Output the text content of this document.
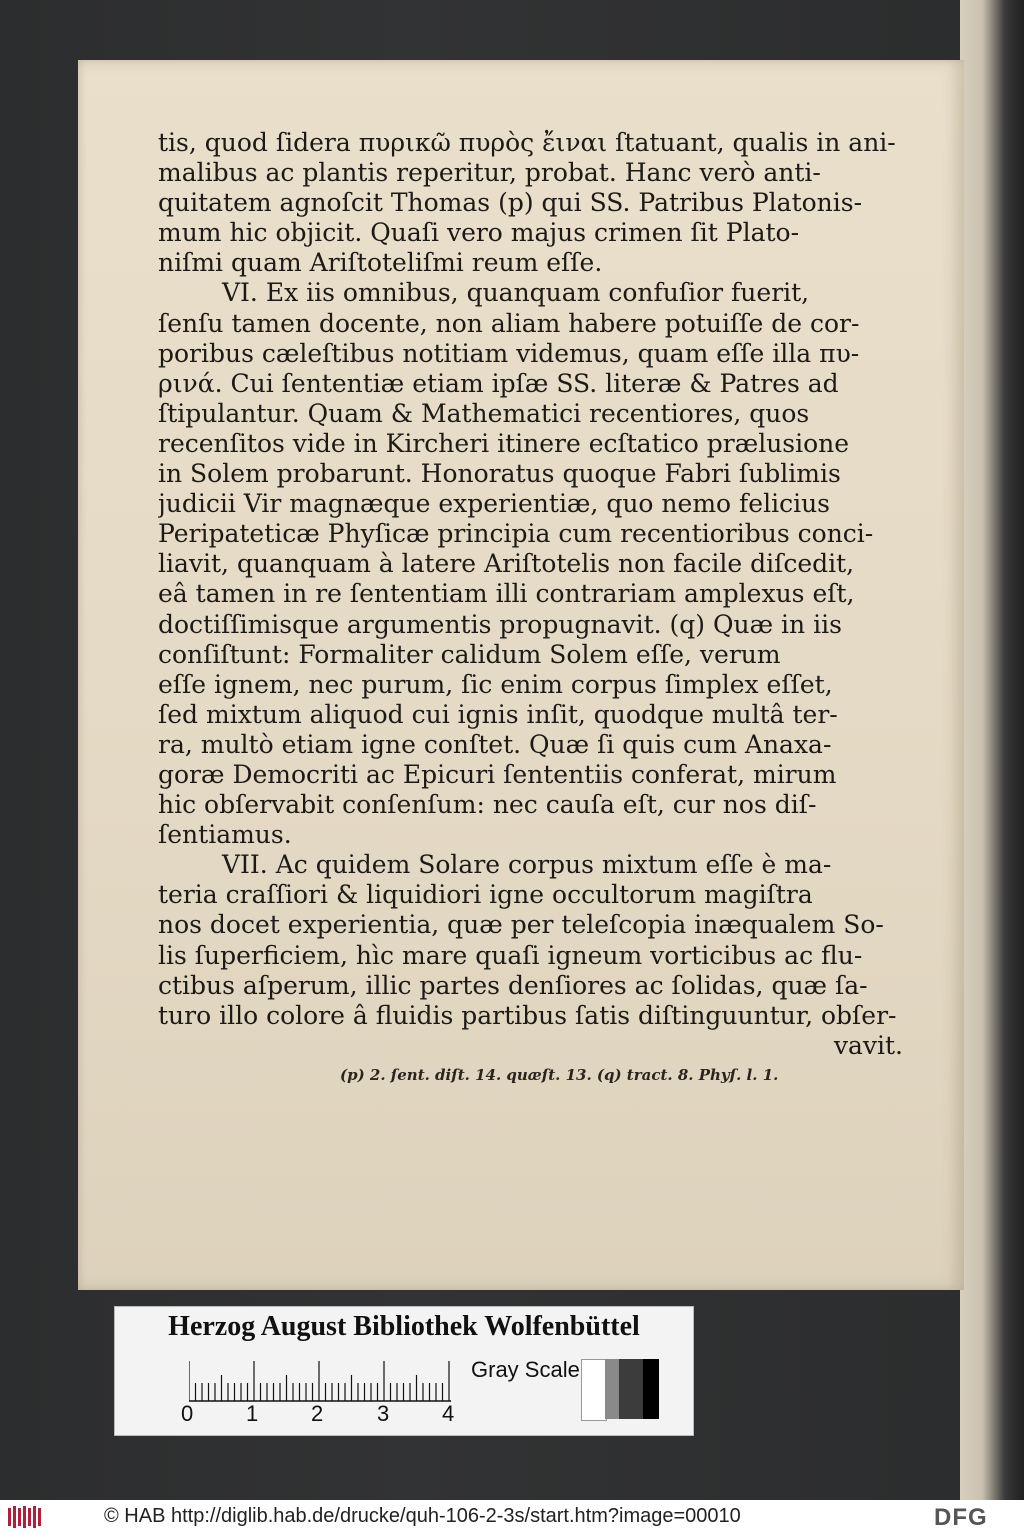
tis, quod ſidera πυρικῶ πυρὸς ἔιναι ſtatuant, qualis in ani-
malibus ac plantis reperitur, probat. Hanc verò anti-
quitatem agnoſcit Thomas (p) qui SS. Patribus Platonis-
mum hic objicit. Quaſi vero majus crimen ſit Plato-
niſmi quam Ariſtoteliſmi reum eſſe.
VI. Ex iis omnibus, quanquam confuſior fuerit,
ſenſu tamen docente, non aliam habere potuiſſe de cor-
poribus cæleſtibus notitiam videmus, quam eſſe illa πυ-
ρινά. Cui ſententiæ etiam ipſæ SS. literæ & Patres ad
ſtipulantur. Quam & Mathematici recentiores, quos
recenſitos vide in Kircheri itinere ecſtatico prælusione
in Solem probarunt. Honoratus quoque Fabri ſublimis
judicii Vir magnæque experientiæ, quo nemo felicius
Peripateticæ Phyſicæ principia cum recentioribus conci-
liavit, quanquam à latere Ariſtotelis non facile diſcedit,
eâ tamen in re ſententiam illi contrariam amplexus eſt,
doctiſſimisque argumentis propugnavit. (q) Quæ in iis
conſiſtunt: Formaliter calidum Solem eſſe, verum
eſſe ignem, nec purum, ſic enim corpus ſimplex eſſet,
ſed mixtum aliquod cui ignis inſit, quodque multâ ter-
ra, multò etiam igne conſtet. Quæ ſi quis cum Anaxa-
goræ Democriti ac Epicuri ſententiis conferat, mirum
hic obſervabit conſenſum: nec cauſa eſt, cur nos diſ-
ſentiamus.
VII. Ac quidem Solare corpus mixtum eſſe è ma-
teria craſſiori & liquidiori igne occultorum magiſtra
nos docet experientia, quæ per teleſcopia inæqualem So-
lis ſuperficiem, hìc mare quaſi igneum vorticibus ac flu-
ctibus aſperum, illic partes denſiores ac ſolidas, quæ ſa-
turo illo colore â fluidis partibus ſatis diſtinguuntur, obſer-
vavit.
(p) 2. ſent. diſt. 14. quæſt. 13. (q) tract. 8. Phyſ. l. 1.
Herzog August Bibliothek Wolfenbüttel
0 1 2 3 4
Gray Scale
© HAB http://diglib.hab.de/drucke/quh-106-2-3s/start.htm?image=00010	DFG
